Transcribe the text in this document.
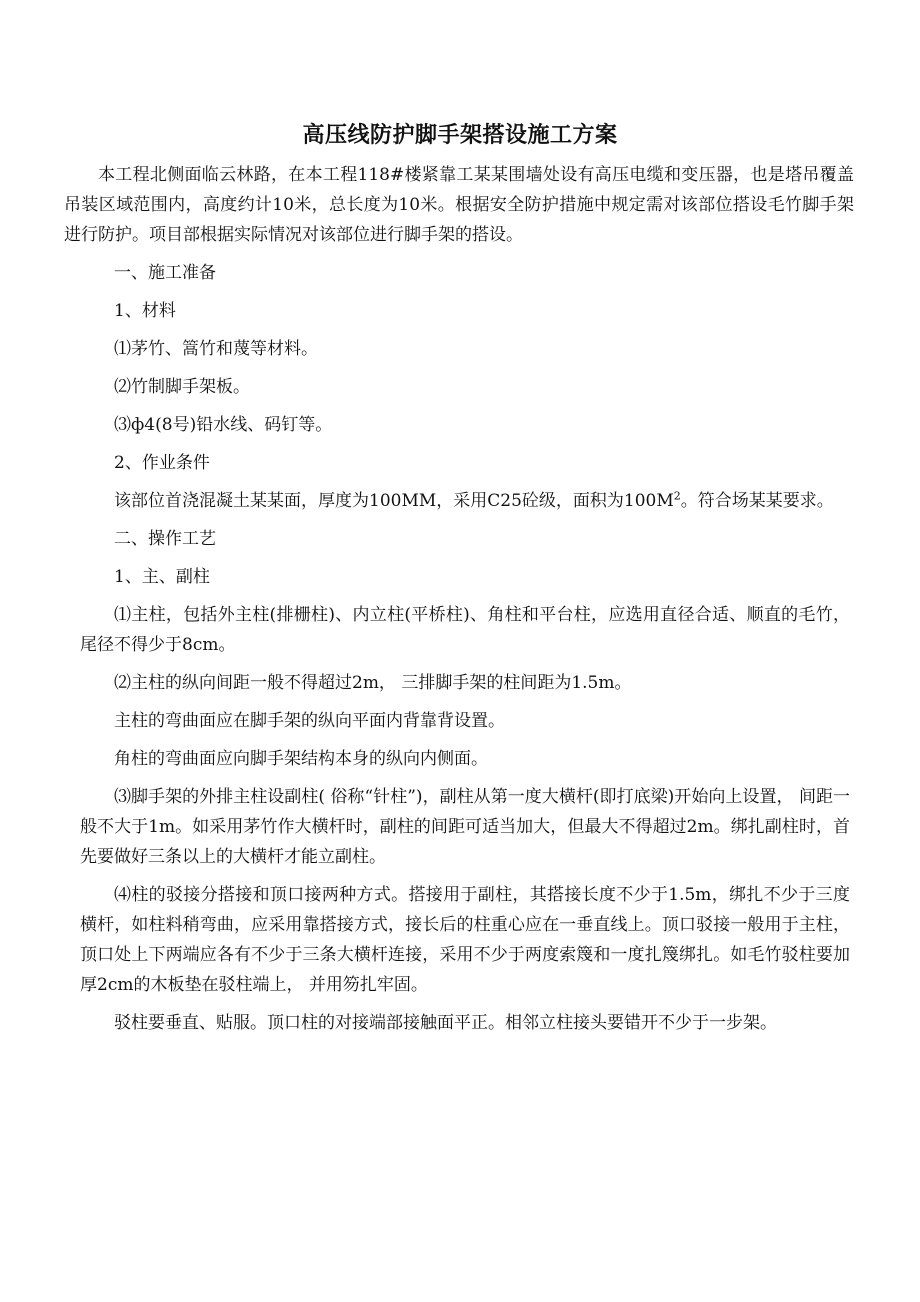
高压线防护脚手架搭设施工方案

本工程北侧面临云林路，在本工程118#楼紧靠工某某围墙处设有高压电缆和变压器，也是塔吊覆盖吊装区域范围内，高度约计10米，总长度为10米。根据安全防护措施中规定需对该部位搭设毛竹脚手架进行防护。项目部根据实际情况对该部位进行脚手架的搭设。

一、施工准备

1、材料

⑴茅竹、篙竹和蔑等材料。

⑵竹制脚手架板。

⑶ф4(8号)铅水线、码钉等。

2、作业条件

该部位首浇混凝土某某面，厚度为100MM，采用C25砼级，面积为$100M^2$。符合场某某要求。

二、操作工艺

1、主、副柱

⑴主柱，包括外主柱(排栅柱)、内立柱(平桥柱)、角柱和平台柱，应选用直径合适、顺直的毛竹，尾径不得少于8cm。

⑵主柱的纵向间距一般不得超过2m， 三排脚手架的柱间距为1.5m。

主柱的弯曲面应在脚手架的纵向平面内背靠背设置。

角柱的弯曲面应向脚手架结构本身的纵向内侧面。

⑶脚手架的外排主柱设副柱( 俗称“针柱”)，副柱从第一度大横杆(即打底梁)开始向上设置， 间距一般不大于1m。如采用茅竹作大横杆时，副柱的间距可适当加大，但最大不得超过2m。绑扎副柱时，首先要做好三条以上的大横杆才能立副柱。

⑷柱的驳接分搭接和顶口接两种方式。搭接用于副柱，其搭接长度不少于1.5m，绑扎不少于三度横杆，如柱料稍弯曲，应采用靠搭接方式，接长后的柱重心应在一垂直线上。顶口驳接一般用于主柱，顶口处上下两端应各有不少于三条大横杆连接，采用不少于两度索篾和一度扎篾绑扎。如毛竹驳柱要加厚2cm的木板垫在驳柱端上， 并用笏扎牢固。

驳柱要垂直、贴服。顶口柱的对接端部接触面平正。相邻立柱接头要错开不少于一步架。
